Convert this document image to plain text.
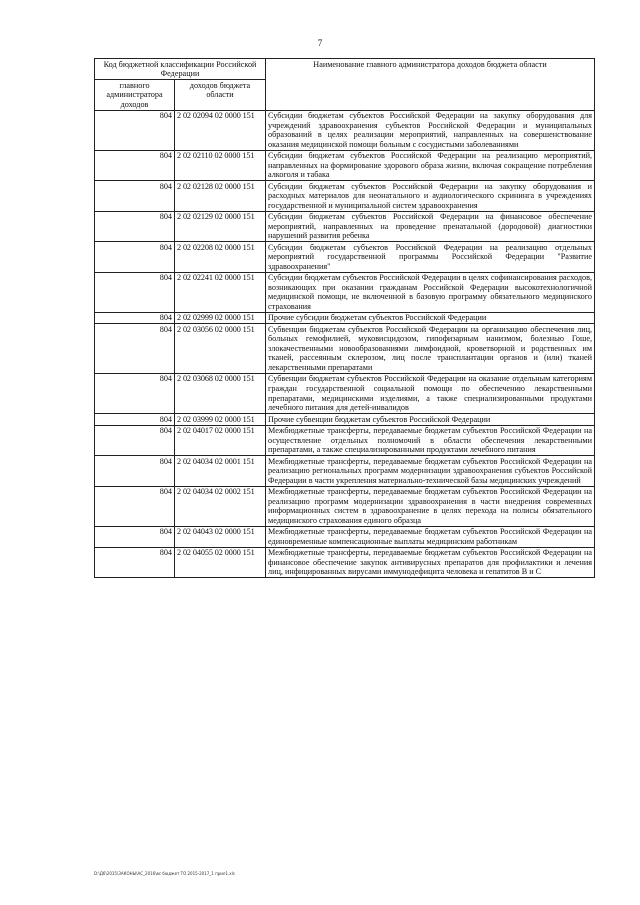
7
Код бюджетной классификации Российской Федерации		Наименование главного администратора доходов бюджета области
главного администратора доходов	доходов бюджета области	
804	2 02 02094 02 0000 151	Субсидии бюджетам субъектов Российской Федерации на закупку оборудования для учреждений здравоохранения субъектов Российской Федерации и муниципальных образований в целях реализации мероприятий, направленных на совершенствование оказания медицинской помощи больным с сосудистыми заболеваниями
804	2 02 02110 02 0000 151	Субсидии бюджетам субъектов Российской Федерации на реализацию мероприятий, направленных на формирование здорового образа жизни, включая сокращение потребления алкоголя и табака
804	2 02 02128 02 0000 151	Субсидии бюджетам субъектов Российской Федерации на закупку оборудования и расходных материалов для неонатального и аудиологического скрининга в учреждениях государственной и муниципальной систем здравоохранения
804	2 02 02129 02 0000 151	Субсидии бюджетам субъектов Российской Федерации на финансовое обеспечение мероприятий, направленных на проведение пренатальной (дородовой) диагностики нарушений развития ребенка
804	2 02 02208 02 0000 151	Субсидии бюджетам субъектов Российской Федерации на реализацию отдельных мероприятий государственной программы Российской Федерации "Развитие здравоохранения"
804	2 02 02241 02 0000 151	Субсидии бюджетам субъектов Российской Федерации в целях софинансирования расходов, возникающих при оказании гражданам Российской Федерации высокотехнологичной медицинской помощи, не включенной в базовую программу обязательного медицинского страхования
804	2 02 02999 02 0000 151	Прочие субсидии бюджетам субъектов Российской Федерации
804	2 02 03056 02 0000 151	Субвенции бюджетам субъектов Российской Федерации на организацию обеспечения лиц, больных гемофилией, муковисцидозом, гипофизарным нанизмом, болезнью Гоше, злокачественными новообразованиями лимфоидной, кроветворной и родственных им тканей, рассеянным склерозом, лиц после трансплантации органов и (или) тканей лекарственными препаратами
804	2 02 03068 02 0000 151	Субвенции бюджетам субъектов Российской Федерации на оказание отдельным категориям граждан государственной социальной помощи по обеспечению лекарственными препаратами, медицинскими изделиями, а также специализированными продуктами лечебного питания для детей-инвалидов
804	2 02 03999 02 0000 151	Прочие субвенции бюджетам субъектов Российской Федерации
804	2 02 04017 02 0000 151	Межбюджетные трансферты, передаваемые бюджетам субъектов Российской Федерации на осуществление отдельных полномочий в области обеспечения лекарственными препаратами, а также специализированными продуктами лечебного питания
804	2 02 04034 02 0001 151	Межбюджетные трансферты, передаваемые бюджетам субъектов Российской Федерации на реализацию региональных программ модернизации здравоохранения субъектов Российской Федерации в части укрепления материально-технической базы медицинских учреждений
804	2 02 04034 02 0002 151	Межбюджетные трансферты, передаваемые бюджетам субъектов Российской Федерации на реализацию программ модернизации здравоохранения в части внедрения современных информационных систем в здравоохранение в целях перехода на полисы обязательного медицинского страхования единого образца
804	2 02 04043 02 0000 151	Межбюджетные трансферты, передаваемые бюджетам субъектов Российской Федерации на единовременные компенсационные выплаты медицинским работникам
804	2 02 04055 02 0000 151	Межбюджетные трансферты, передаваемые бюджетам субъектов Российской Федерации на финансовое обеспечение закупок антивирусных препаратов для профилактики и лечения лиц, инфицированных вирусами иммунодефицита человека и гепатитов В и С
D:\Д6\2015\ЗАКОНЫ\АС_2016\вс бюджет ТО 2015-2017_1 прил1.xls
